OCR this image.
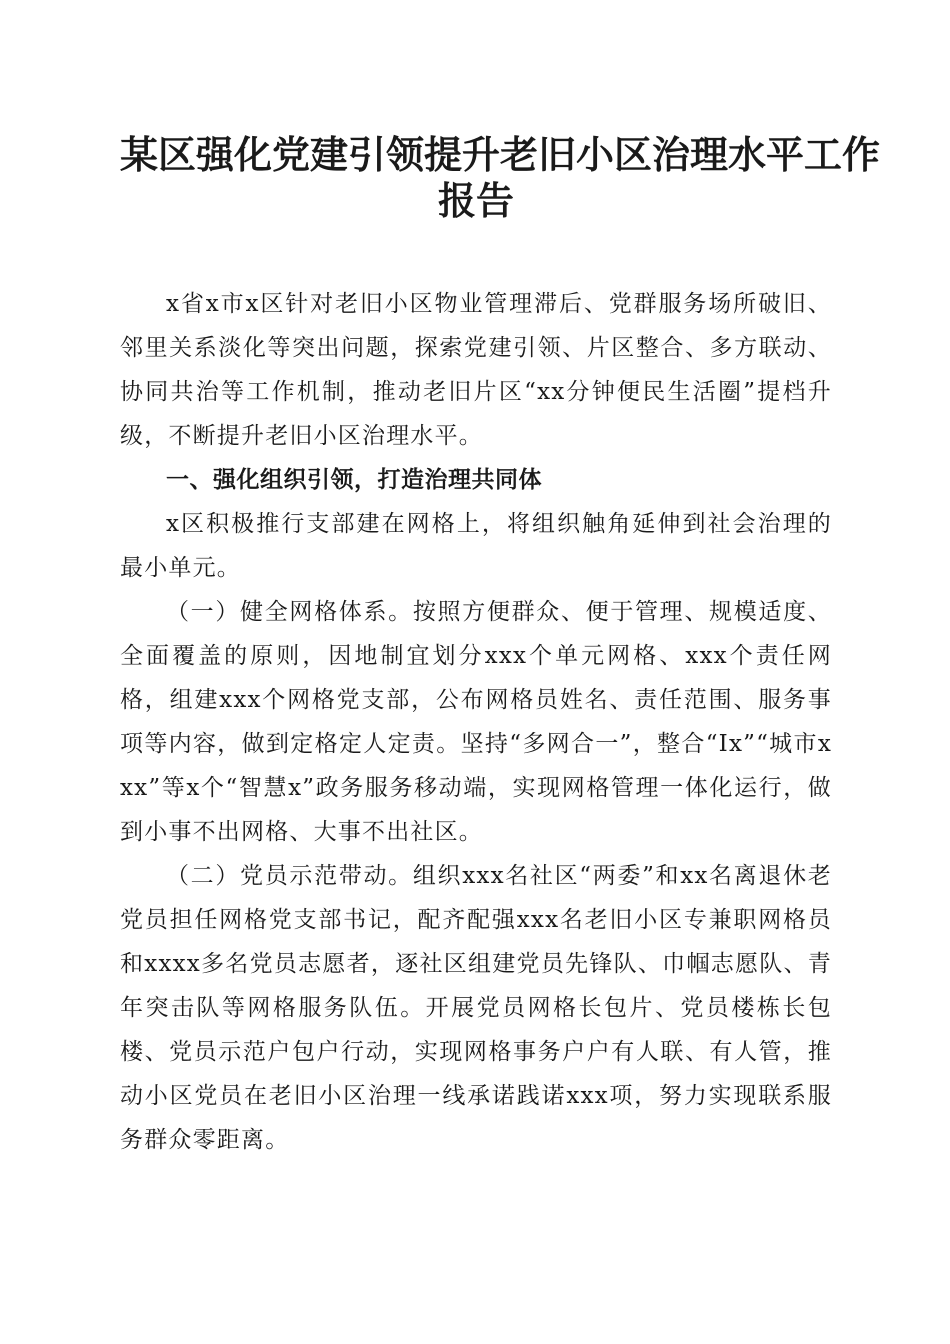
某区强化党建引领提升老旧小区治理水平工作
报告

x省x市x区针对老旧小区物业管理滞后、党群服务场所破旧、邻里关系淡化等突出问题，探索党建引领、片区整合、多方联动、协同共治等工作机制，推动老旧片区“xx分钟便民生活圈”提档升级，不断提升老旧小区治理水平。

一、强化组织引领，打造治理共同体

x区积极推行支部建在网格上，将组织触角延伸到社会治理的最小单元。

（一）健全网格体系。按照方便群众、便于管理、规模适度、全面覆盖的原则，因地制宜划分xxx个单元网格、xxx个责任网格，组建xxx个网格党支部，公布网格员姓名、责任范围、服务事项等内容，做到定格定人定责。坚持“多网合一”，整合“Ix”“城市xxx”等x个“智慧x”政务服务移动端，实现网格管理一体化运行，做到小事不出网格、大事不出社区。

（二）党员示范带动。组织xxx名社区“两委”和xx名离退休老党员担任网格党支部书记，配齐配强xxx名老旧小区专兼职网格员和xxxx多名党员志愿者，逐社区组建党员先锋队、巾帼志愿队、青年突击队等网格服务队伍。开展党员网格长包片、党员楼栋长包楼、党员示范户包户行动，实现网格事务户户有人联、有人管，推动小区党员在老旧小区治理一线承诺践诺xxx项，努力实现联系服务群众零距离。
